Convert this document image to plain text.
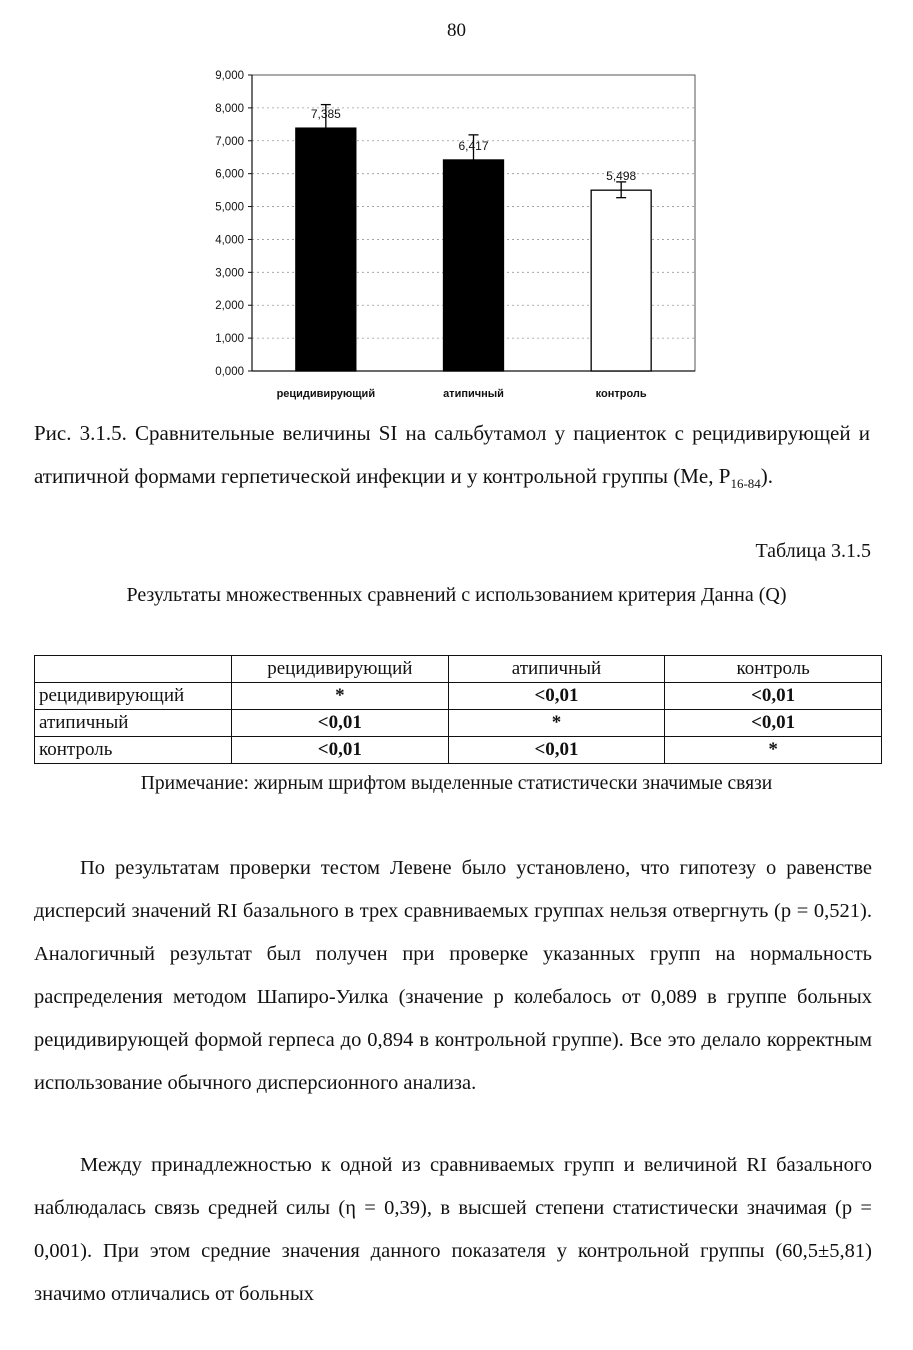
80
0,000
1,000
2,000
3,000
4,000
5,000
6,000
7,000
8,000
9,000
7,385
рецидивирующий
6,417
атипичный
5,498
контроль

Рис. 3.1.5. Сравнительные величины SI на сальбутамол у пациенток с рецидивирующей и атипичной формами герпетической инфекции и у контрольной группы (Me, $P_{16-84}$).

Таблица 3.1.5
Результаты множественных сравнений с использованием критерия Данна (Q)
	рецидивирующий	атипичный	контроль
рецидивирующий	*	<0,01	<0,01
атипичный	<0,01	*	<0,01
контроль	<0,01	<0,01	*
Примечание: жирным шрифтом выделенные статистически значимые связи

По результатам проверки тестом Левене было установлено, что гипотезу о равенстве дисперсий значений RI базального в трех сравниваемых группах нельзя отвергнуть (p = 0,521). Аналогичный результат был получен при проверке указанных групп на нормальность распределения методом Шапиро-Уилка (значение p колебалось от 0,089 в группе больных рецидивирующей формой герпеса до 0,894 в контрольной группе). Все это делало корректным использование обычного дисперсионного анализа.

Между принадлежностью к одной из сравниваемых групп и величиной RI базального наблюдалась связь средней силы (η = 0,39), в высшей степени статистически значимая (p = 0,001). При этом средние значения данного показателя у контрольной группы (60,5±5,81) значимо отличались от больных
